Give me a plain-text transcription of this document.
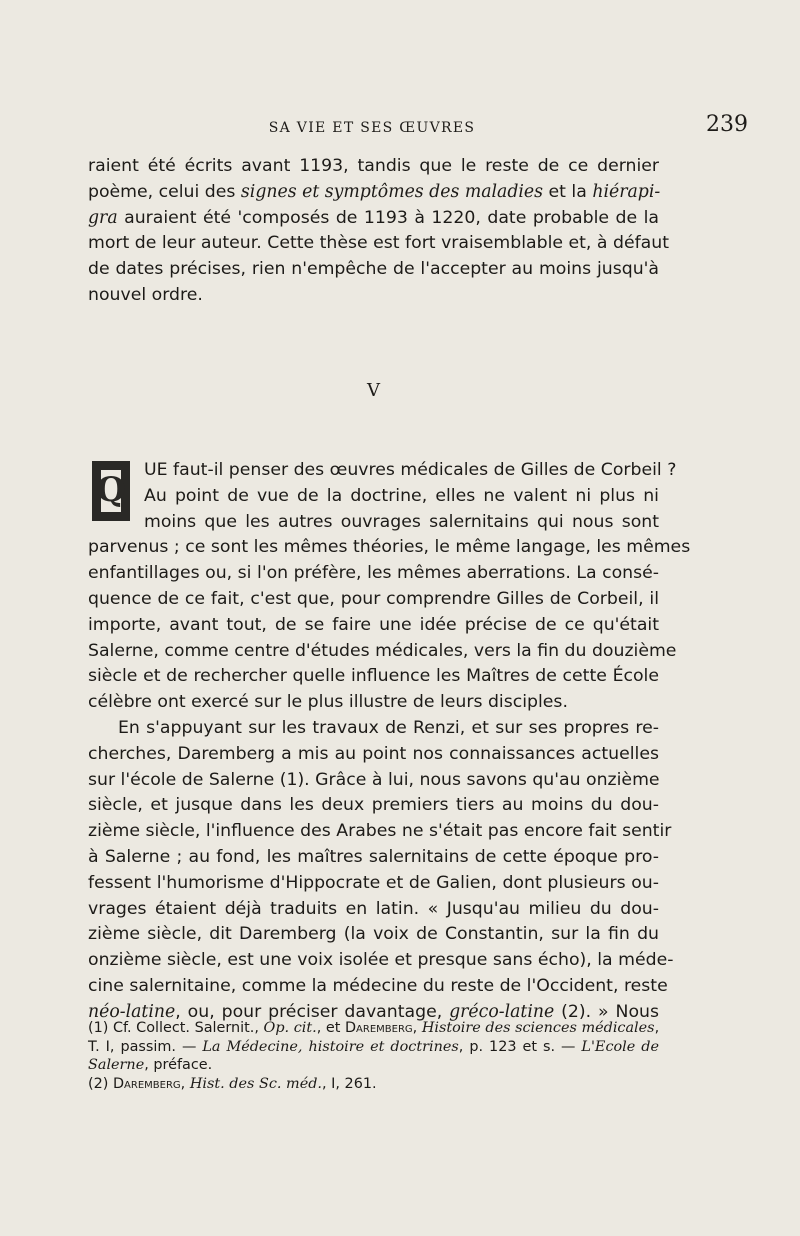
SA VIE ET SES ŒUVRES	239
raient été écrits avant 1193, tandis que le reste de ce dernier
poème, celui des signes et symptômes des maladies et la hiérapi-
gra auraient été 'composés de 1193 à 1220, date probable de la
mort de leur auteur. Cette thèse est fort vraisemblable et, à défaut
de dates précises, rien n'empêche de l'accepter au moins jusqu'à
nouvel ordre.
V
Q	UE faut-il penser des œuvres médicales de Gilles de Corbeil ?
Au point de vue de la doctrine, elles ne valent ni plus ni
moins que les autres ouvrages salernitains qui nous sont
parvenus ; ce sont les mêmes théories, le même langage, les mêmes
enfantillages ou, si l'on préfère, les mêmes aberrations. La consé-
quence de ce fait, c'est que, pour comprendre Gilles de Corbeil, il
importe, avant tout, de se faire une idée précise de ce qu'était
Salerne, comme centre d'études médicales, vers la fin du douzième
siècle et de rechercher quelle influence les Maîtres de cette École
célèbre ont exercé sur le plus illustre de leurs disciples.
En s'appuyant sur les travaux de Renzi, et sur ses propres re-
cherches, Daremberg a mis au point nos connaissances actuelles
sur l'école de Salerne (1). Grâce à lui, nous savons qu'au onzième
siècle, et jusque dans les deux premiers tiers au moins du dou-
zième siècle, l'influence des Arabes ne s'était pas encore fait sentir
à Salerne ; au fond, les maîtres salernitains de cette époque pro-
fessent l'humorisme d'Hippocrate et de Galien, dont plusieurs ou-
vrages étaient déjà traduits en latin. « Jusqu'au milieu du dou-
zième siècle, dit Daremberg (la voix de Constantin, sur la fin du
onzième siècle, est une voix isolée et presque sans écho), la méde-
cine salernitaine, comme la médecine du reste de l'Occident, reste
néo-latine, ou, pour préciser davantage, gréco-latine (2). » Nous
(1) Cf. Collect. Salernit., Op. cit., et Daremberg, Histoire des sciences médicales,
T. I, passim. — La Médecine, histoire et doctrines, p. 123 et s. — L'Ecole de
Salerne, préface.
(2) Daremberg, Hist. des Sc. méd., I, 261.
